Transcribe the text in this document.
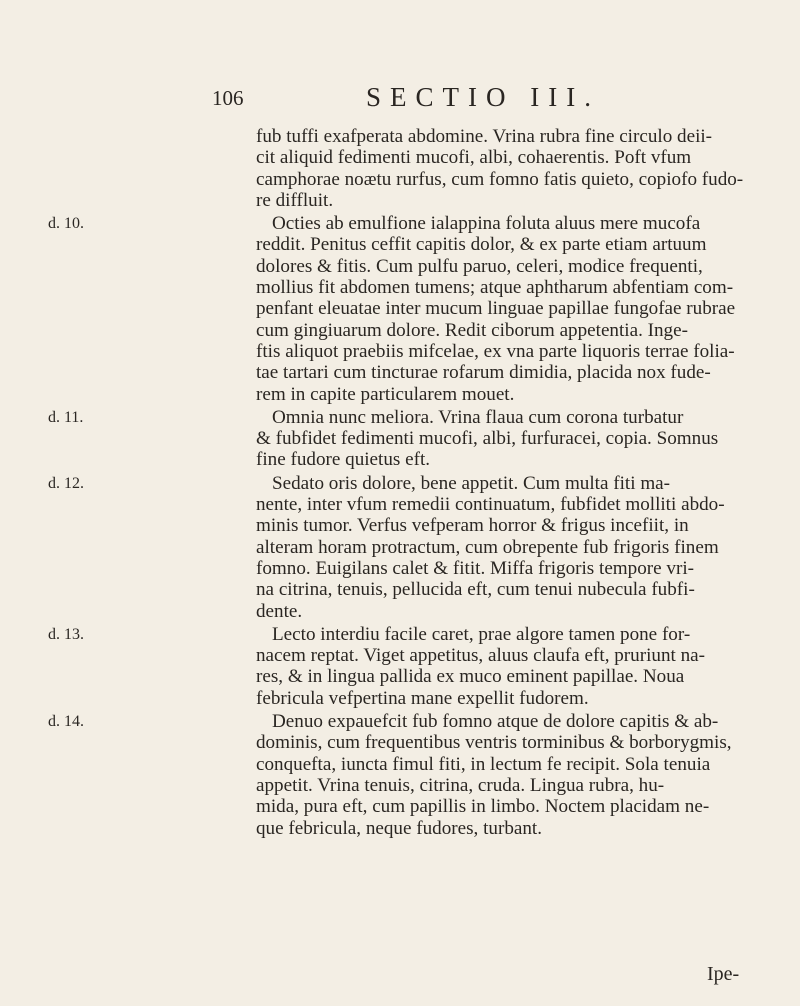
106	SECTIO III.
fub tuffi exafperata abdomine. Vrina rubra fine circulo deii-
cit aliquid fedimenti mucofi, albi, cohaerentis. Poft vfum
camphorae noætu rurfus, cum fomno fatis quieto, copiofo fudo-
re diffluit.
d. 10.	Octies ab emulfione ialappina foluta aluus mere mucofa
reddit. Penitus ceffit capitis dolor, & ex parte etiam artuum
dolores & fitis. Cum pulfu paruo, celeri, modice frequenti,
mollius fit abdomen tumens; atque aphtharum abfentiam com-
penfant eleuatae inter mucum linguae papillae fungofae rubrae
cum gingiuarum dolore. Redit ciborum appetentia. Inge-
ftis aliquot praebiis mifcelae, ex vna parte liquoris terrae folia-
tae tartari cum tincturae rofarum dimidia, placida nox fude-
rem in capite particularem mouet.
d. 11.	Omnia nunc meliora. Vrina flaua cum corona turbatur
& fubfidet fedimenti mucofi, albi, furfuracei, copia. Somnus
fine fudore quietus eft.
d. 12.	Sedato oris dolore, bene appetit. Cum multa fiti ma-
nente, inter vfum remedii continuatum, fubfidet molliti abdo-
minis tumor. Verfus vefperam horror & frigus incefiit, in
alteram horam protractum, cum obrepente fub frigoris finem
fomno. Euigilans calet & fitit. Miffa frigoris tempore vri-
na citrina, tenuis, pellucida eft, cum tenui nubecula fubfi-
dente.
d. 13.	Lecto interdiu facile caret, prae algore tamen pone for-
nacem reptat. Viget appetitus, aluus claufa eft, pruriunt na-
res, & in lingua pallida ex muco eminent papillae. Noua
febricula vefpertina mane expellit fudorem.
d. 14.	Denuo expauefcit fub fomno atque de dolore capitis & ab-
dominis, cum frequentibus ventris torminibus & borborygmis,
conquefta, iuncta fimul fiti, in lectum fe recipit. Sola tenuia
appetit. Vrina tenuis, citrina, cruda. Lingua rubra, hu-
mida, pura eft, cum papillis in limbo. Noctem placidam ne-
que febricula, neque fudores, turbant.
Ipe-
